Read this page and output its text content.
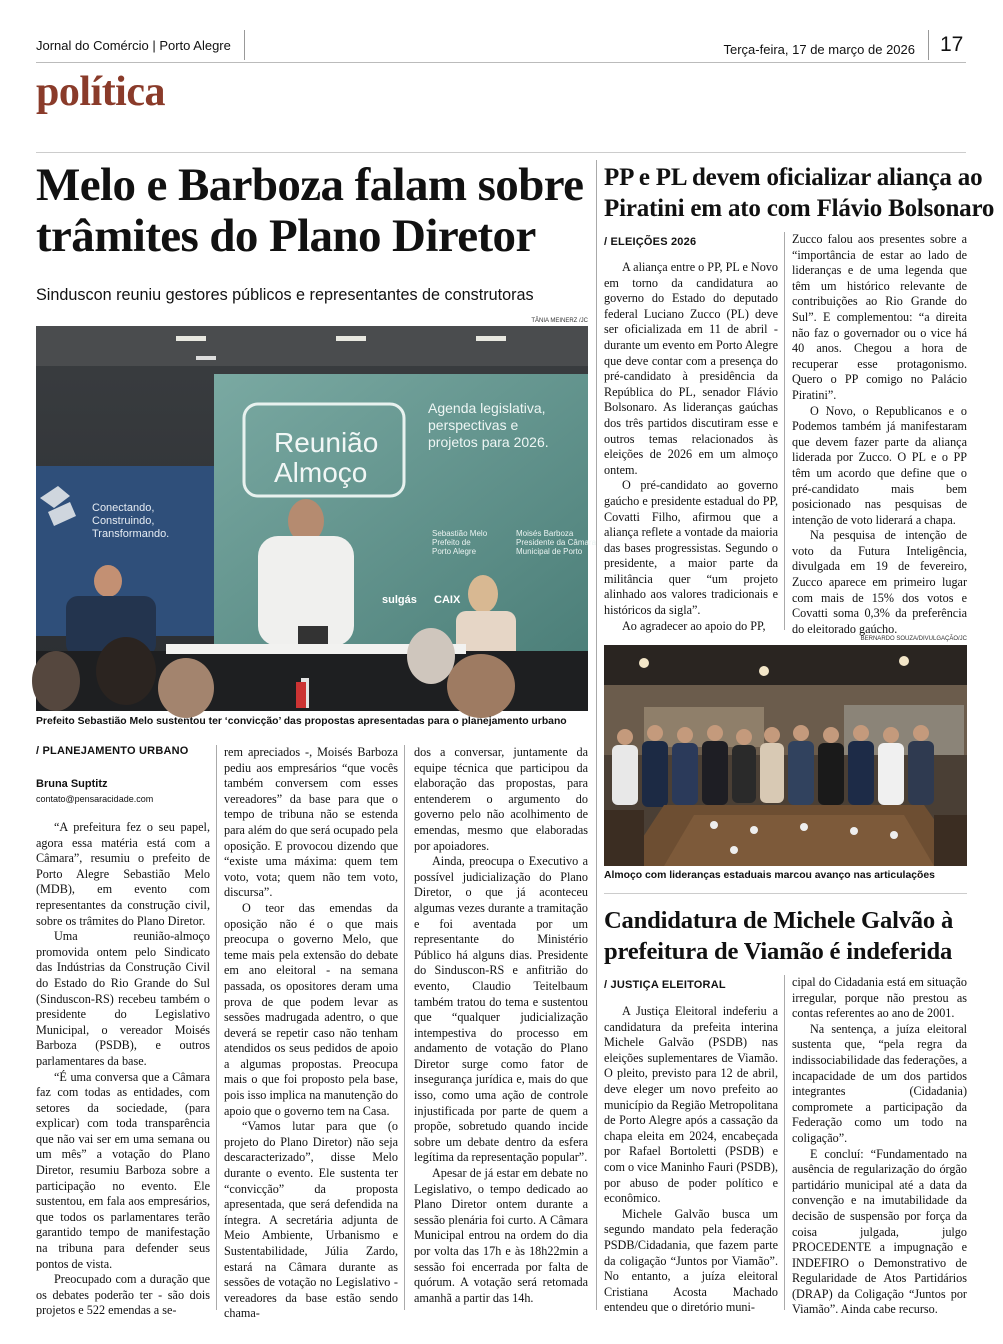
Jornal do Comércio | Porto Alegre	Terça-feira, 17 de março de 2026 17
política
Melo e Barboza falam sobre
trâmites do Plano Diretor
Sinduscon reuniu gestores públicos e representantes de construtoras
TÂNIA MEINERZ /JC
Reunião
Almoço
Agenda legislativa,
perspectivas e
projetos para 2026.
Conectando,
Construindo,
Transformando.	Sebastião Melo
Prefeito de
Porto Alegre
Moisés Barboza
Presidente da Câmara
Municipal de Porto
sulgás CAIX
Prefeito Sebastião Melo sustentou ter ‘convicção’ das propostas apresentadas para o planejamento urbano
/ PLANEJAMENTO URBANO
Bruna Suptitz
contato@pensaracidade.com

“A prefeitura fez o seu papel, agora essa matéria está com a Câmara”, resumiu o prefeito de Porto Alegre Sebastião Melo (MDB), em evento com representantes da construção civil, sobre os trâmites do Plano Diretor.

Uma reunião-almoço promovida ontem pelo Sindicato das Indústrias da Construção Civil do Estado do Rio Grande do Sul (Sinduscon-RS) recebeu também o presidente do Legislativo Municipal, o vereador Moisés Barboza (PSDB), e outros parlamentares da base.

“É uma conversa que a Câmara faz com todas as entidades, com setores da sociedade, (para explicar) com toda transparência que não vai ser em uma semana ou um mês” a votação do Plano Diretor, resumiu Barboza sobre a participação no evento. Ele sustentou, em fala aos empresários, que todos os parlamentares terão garantido tempo de manifestação na tribuna para defender seus pontos de vista.

Preocupado com a duração que os debates poderão ter - são dois projetos e 522 emendas a se-

rem apreciados -, Moisés Barboza pediu aos empresários “que vocês também conversem com esses vereadores” da base para que o tempo de tribuna não se estenda para além do que será ocupado pela oposição. E provocou dizendo que “existe uma máxima: quem tem voto, vota; quem não tem voto, discursa”.

O teor das emendas da oposição não é o que mais preocupa o governo Melo, que teme mais pela extensão do debate em ano eleitoral - na semana passada, os opositores deram uma prova de que podem levar as sessões madrugada adentro, o que deverá se repetir caso não tenham atendidos os seus pedidos de apoio a algumas propostas. Preocupa mais o que foi proposto pela base, pois isso implica na manutenção do apoio que o governo tem na Casa.

“Vamos lutar para que (o projeto do Plano Diretor) não seja descaracterizado”, disse Melo durante o evento. Ele sustenta ter “convicção” da proposta apresentada, que será defendida na íntegra. A secretária adjunta de Meio Ambiente, Urbanismo e Sustentabilidade, Júlia Zardo, estará na Câmara durante as sessões de votação no Legislativo - vereadores da base estão sendo chama-

dos a conversar, juntamente da equipe técnica que participou da elaboração das propostas, para entenderem o argumento do governo pelo não acolhimento de emendas, mesmo que elaboradas por apoiadores.

Ainda, preocupa o Executivo a possível judicialização do Plano Diretor, o que já aconteceu algumas vezes durante a tramitação e foi aventada por um representante do Ministério Público há alguns dias. Presidente do Sinduscon-RS e anfitrião do evento, Claudio Teitelbaum também tratou do tema e sustentou que “qualquer judicialização intempestiva do processo em andamento de votação do Plano Diretor surge como fator de insegurança jurídica e, mais do que isso, como uma ação de controle injustificada por parte de quem a propõe, sobretudo quando incide sobre um debate dentro da esfera legítima da representação popular”.

Apesar de já estar em debate no Legislativo, o tempo dedicado ao Plano Diretor ontem durante a sessão plenária foi curto. A Câmara Municipal entrou na ordem do dia por volta das 17h e às 18h22min a sessão foi encerrada por falta de quórum. A votação será retomada amanhã a partir das 14h.

PP e PL devem oficializar aliança ao
Piratini em ato com Flávio Bolsonaro
/ ELEIÇÕES 2026

A aliança entre o PP, PL e Novo em torno da candidatura ao governo do Estado do deputado federal Luciano Zucco (PL) deve ser oficializada em 11 de abril - durante um evento em Porto Alegre que deve contar com a presença do pré-candidato à presidência da República do PL, senador Flávio Bolsonaro. As lideranças gaúchas dos três partidos discutiram esse e outros temas relacionados às eleições de 2026 em um almoço ontem.

O pré-candidato ao governo gaúcho e presidente estadual do PP, Covatti Filho, afirmou que a aliança reflete a vontade da maioria das bases progressistas. Segundo o presidente, a maior parte da militância quer “um projeto alinhado aos valores tradicionais e históricos da sigla”.

Ao agradecer ao apoio do PP,

Zucco falou aos presentes sobre a “importância de estar ao lado de lideranças e de uma legenda que têm um histórico relevante de contribuições ao Rio Grande do Sul”. E complementou: “a direita não faz o governador ou o vice há 40 anos. Chegou a hora de recuperar esse protagonismo. Quero o PP comigo no Palácio Piratini”.

O Novo, o Republicanos e o Podemos também já manifestaram que devem fazer parte da aliança liderada por Zucco. O PL e o PP têm um acordo que define que o pré-candidato mais bem posicionado nas pesquisas de intenção de voto liderará a chapa.

Na pesquisa de intenção de voto da Futura Inteligência, divulgada em 19 de fevereiro, Zucco aparece em primeiro lugar com mais de 15% dos votos e Covatti soma 0,3% da preferência do eleitorado gaúcho.

BERNARDO SOUZA/DIVULGAÇÃO/JC
Almoço com lideranças estaduais marcou avanço nas articulações
Candidatura de Michele Galvão à
prefeitura de Viamão é indeferida
/ JUSTIÇA ELEITORAL

A Justiça Eleitoral indeferiu a candidatura da prefeita interina Michele Galvão (PSDB) nas eleições suplementares de Viamão. O pleito, previsto para 12 de abril, deve eleger um novo prefeito ao município da Região Metropolitana de Porto Alegre após a cassação da chapa eleita em 2024, encabeçada por Rafael Bortoletti (PSDB) e com o vice Maninho Fauri (PSDB), por abuso de poder político e econômico.

Michele Galvão busca um segundo mandato pela federação PSDB/Cidadania, que fazem parte da coligação “Juntos por Viamão”. No entanto, a juíza eleitoral Cristiana Acosta Machado entendeu que o diretório muni-

cipal do Cidadania está em situação irregular, porque não prestou as contas referentes ao ano de 2001.

Na sentença, a juíza eleitoral sustenta que, “pela regra da indissociabilidade das federações, a incapacidade de um dos partidos integrantes (Cidadania) compromete a participação da Federação como um todo na coligação”.

E concluí: “Fundamentado na ausência de regularização do órgão partidário municipal até a data da convenção e na imutabilidade da decisão de suspensão por força da coisa julgada, julgo PROCEDENTE a impugnação e INDEFIRO o Demonstrativo de Regularidade de Atos Partidários (DRAP) da Coligação “Juntos por Viamão”. Ainda cabe recurso.
